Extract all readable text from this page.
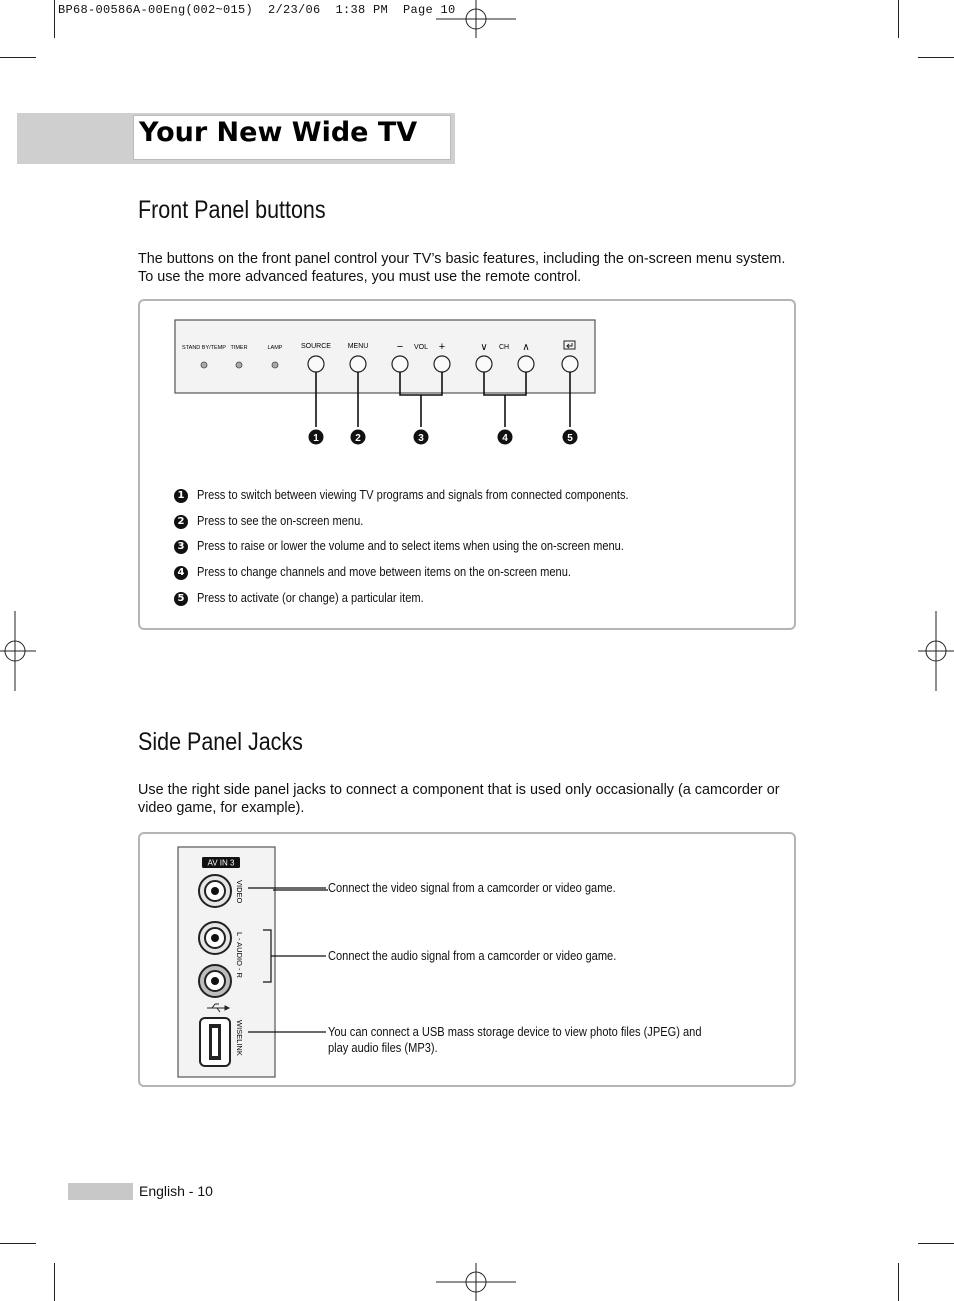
BP68-00586A-00Eng(002~015)  2/23/06  1:38 PM  Page 10
Your New Wide TV
Front Panel buttons
The buttons on the front panel control your TV’s basic features, including the on-screen menu system. To use the more advanced features, you must use the remote control.
STAND BY/TEMP TIMER	LAMP	SOURCE MENU	− VOL +	∨ CH ∧
1	2	3	4	5
1 Press to switch between viewing TV programs and signals from connected components.
2 Press to see the on-screen menu.
3 Press to raise or lower the volume and to select items when using the on-screen menu.
4 Press to change channels and move between items on the on-screen menu.
5 Press to activate (or change) a particular item.
Side Panel Jacks
Use the right side panel jacks to connect a component that is used only occasionally (a camcorder or video game, for example).
AV IN 3
VIDEO
L - AUDIO - R
WISELINK
Connect the video signal from a camcorder or video game.
Connect the audio signal from a camcorder or video game.
You can connect a USB mass storage device to view photo files (JPEG) and
play audio files (MP3).
English - 10
